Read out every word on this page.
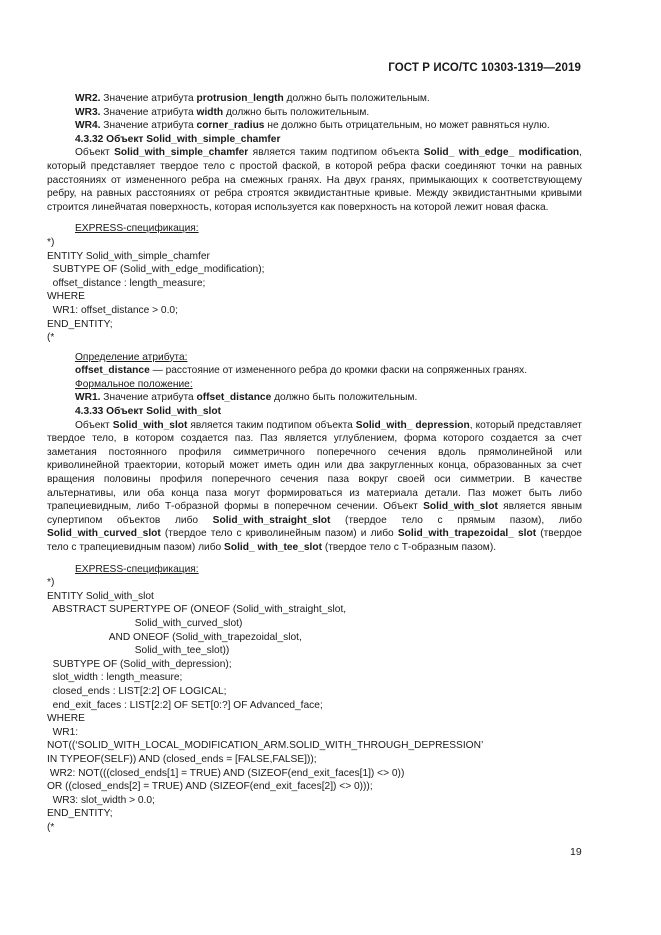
ГОСТ Р ИСО/ТС 10303-1319—2019

WR2. Значение атрибута protrusion_length должно быть положительным.

WR3. Значение атрибута width должно быть положительным.

WR4. Значение атрибута corner_radius не должно быть отрицательным, но может равняться нулю.

4.3.32 Объект Solid_with_simple_chamfer

Объект Solid_with_simple_chamfer является таким подтипом объекта Solid_ with_edge_ modification, который представляет твердое тело с простой фаской, в которой ребра фаски соединяют точки на равных расстояниях от измененного ребра на смежных гранях. На двух гранях, примыкающих к соответствующему ребру, на равных расстояниях от ребра строятся эквидистантные кривые. Между эквидистантными кривыми строится линейчатая поверхность, которая используется как поверхность на которой лежит новая фаска.

EXPRESS-спецификация:

*)
ENTITY Solid_with_simple_chamfer
SUBTYPE OF (Solid_with_edge_modification);
offset_distance : length_measure;
WHERE
WR1: offset_distance > 0.0;
END_ENTITY;
(*

Определение атрибута:

offset_distance — расстояние от измененного ребра до кромки фаски на сопряженных гранях.

Формальное положение:

WR1. Значение атрибута offset_distance должно быть положительным.

4.3.33 Объект Solid_with_slot

Объект Solid_with_slot является таким подтипом объекта Solid_with_ depression, который представляет твердое тело, в котором создается паз. Паз является углублением, форма которого создается за счет заметания постоянного профиля симметричного поперечного сечения вдоль прямолинейной или криволинейной траектории, который может иметь один или два закругленных конца, образованных за счет вращения половины профиля поперечного сечения паза вокруг своей оси симметрии. В качестве альтернативы, или оба конца паза могут формироваться из материала детали. Паз может быть либо трапециевидным, либо Т-образной формы в поперечном сечении. Объект Solid_with_slot является явным супертипом объектов либо Solid_with_straight_slot (твердое тело с прямым пазом), либо Solid_with_curved_slot (твердое тело с криволинейным пазом) и либо Solid_with_trapezoidal_ slot (твердое тело с трапециевидным пазом) либо Solid_ with_tee_slot (твердое тело с Т-образным пазом).

EXPRESS-спецификация:

*)
ENTITY Solid_with_slot
ABSTRACT SUPERTYPE OF (ONEOF (Solid_with_straight_slot,
Solid_with_curved_slot)
AND ONEOF (Solid_with_trapezoidal_slot,
Solid_with_tee_slot))
SUBTYPE OF (Solid_with_depression);
slot_width : length_measure;
closed_ends : LIST[2:2] OF LOGICAL;
end_exit_faces : LIST[2:2] OF SET[0:?] OF Advanced_face;
WHERE
WR1:
NOT((‘SOLID_WITH_LOCAL_MODIFICATION_ARM.SOLID_WITH_THROUGH_DEPRESSION’
IN TYPEOF(SELF)) AND (closed_ends = [FALSE,FALSE]));
WR2: NOT(((closed_ends[1] = TRUE) AND (SIZEOF(end_exit_faces[1]) <> 0))
OR ((closed_ends[2] = TRUE) AND (SIZEOF(end_exit_faces[2]) <> 0)));
WR3: slot_width > 0.0;
END_ENTITY;
(*
19
